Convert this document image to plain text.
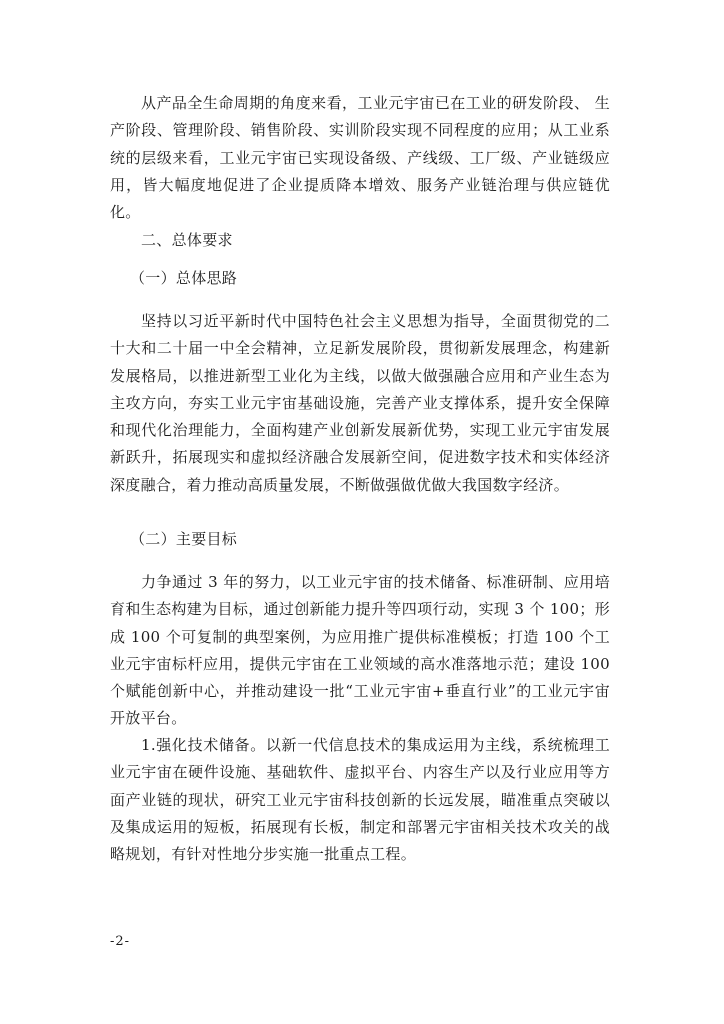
从产品全生命周期的角度来看，工业元宇宙已在工业的研发阶段、 生产阶段、管理阶段、销售阶段、实训阶段实现不同程度的应用；从工业系统的层级来看，工业元宇宙已实现设备级、产线级、工厂级、产业链级应用，皆大幅度地促进了企业提质降本增效、服务产业链治理与供应链优化。

二、总体要求

（一）总体思路

坚持以习近平新时代中国特色社会主义思想为指导，全面贯彻党的二十大和二十届一中全会精神，立足新发展阶段，贯彻新发展理念，构建新发展格局，以推进新型工业化为主线，以做大做强融合应用和产业生态为主攻方向，夯实工业元宇宙基础设施，完善产业支撑体系，提升安全保障和现代化治理能力，全面构建产业创新发展新优势，实现工业元宇宙发展新跃升，拓展现实和虚拟经济融合发展新空间，促进数字技术和实体经济深度融合，着力推动高质量发展，不断做强做优做大我国数字经济。

（二）主要目标

力争通过 3 年的努力，以工业元宇宙的技术储备、标准研制、应用培育和生态构建为目标，通过创新能力提升等四项行动，实现 3 个 100；形成 100 个可复制的典型案例，为应用推广提供标准模板；打造 100 个工业元宇宙标杆应用，提供元宇宙在工业领域的高水准落地示范；建设 100 个赋能创新中心，并推动建设一批“工业元宇宙+垂直行业”的工业元宇宙开放平台。

1.强化技术储备。以新一代信息技术的集成运用为主线，系统梳理工业元宇宙在硬件设施、基础软件、虚拟平台、内容生产以及行业应用等方面产业链的现状，研究工业元宇宙科技创新的长远发展，瞄准重点突破以及集成运用的短板，拓展现有长板，制定和部署元宇宙相关技术攻关的战略规划，有针对性地分步实施一批重点工程。

-2-
